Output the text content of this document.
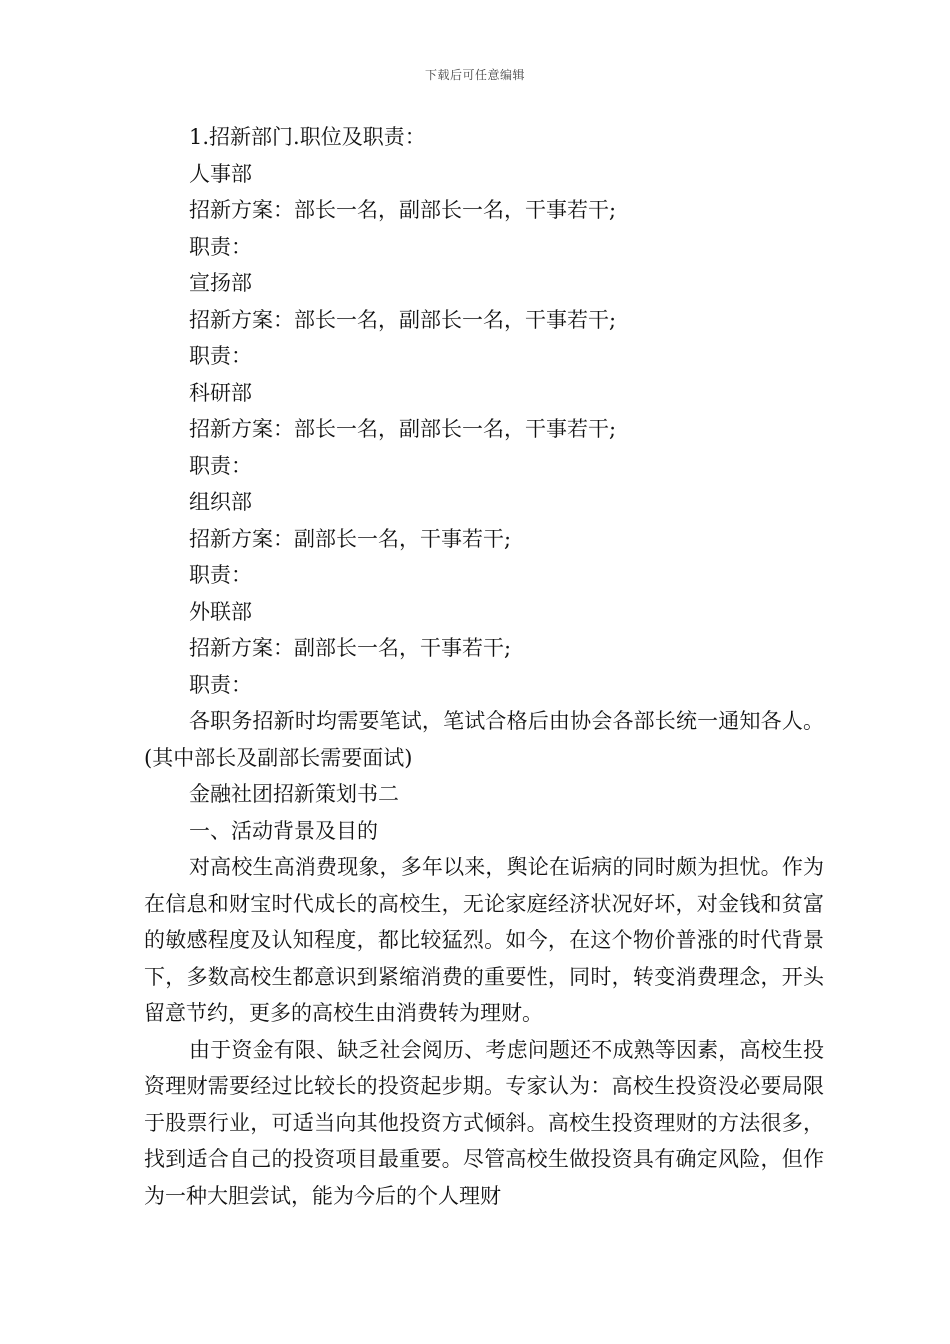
下载后可任意编辑
1.招新部门.职位及职责：
人事部
招新方案：部长一名，副部长一名，干事若干;
职责：
宣扬部
招新方案：部长一名，副部长一名，干事若干;
职责：
科研部
招新方案：部长一名，副部长一名，干事若干;
职责：
组织部
招新方案：副部长一名，干事若干;
职责：
外联部
招新方案：副部长一名，干事若干;
职责：
各职务招新时均需要笔试，笔试合格后由协会各部长统一通知各人。(其中部长及副部长需要面试)
金融社团招新策划书二
一、活动背景及目的
对高校生高消费现象，多年以来，舆论在诟病的同时颇为担忧。作为在信息和财宝时代成长的高校生，无论家庭经济状况好坏，对金钱和贫富的敏感程度及认知程度，都比较猛烈。如今，在这个物价普涨的时代背景下，多数高校生都意识到紧缩消费的重要性，同时，转变消费理念，开头留意节约，更多的高校生由消费转为理财。
由于资金有限、缺乏社会阅历、考虑问题还不成熟等因素，高校生投资理财需要经过比较长的投资起步期。专家认为：高校生投资没必要局限于股票行业，可适当向其他投资方式倾斜。高校生投资理财的方法很多，找到适合自己的投资项目最重要。尽管高校生做投资具有确定风险，但作为一种大胆尝试，能为今后的个人理财
